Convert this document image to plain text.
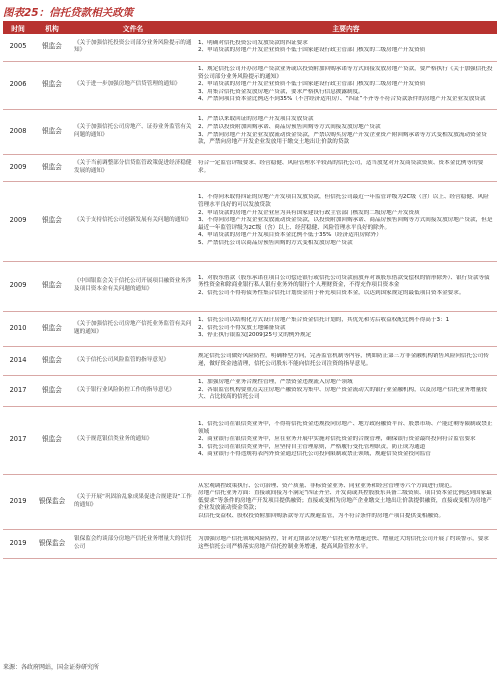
图表25：信托贷款相关政策
时间	机构	文件名	主要内容
2005	银监会	《关于加强信托投资公司部分业务风险提示的通知》	1、明确对信托投资公司发放贷款的四证要求
2、申请贷款的房地产开发企业资质不低于国家建设行政主管部门核发的二级房地产开发资质

2006	银监会	《关于进一步加强房地产信贷管理的通知》	1、规定信托公司开办房地产贷款业务或以投资附加回购承诺等方式间接发放房地产贷款，要严格执行《关于加强信托投资公司部分业务风险提示的通知》
2、申请贷款的房地产开发企业资质不低于国家建设行政主管部门核发的二级房地产开发资质
3、用集合信托资金发放房地产贷款，要求严格执行信息披露制度。
4、严禁向项目资本金比例达不到35%（不含经济适用房）、“四证”不齐等不符合贷款条件的房地产开发企业发放贷款

2008	银监会	《关于加强信托公司房地产、证券业务监管有关问题的通知》	1、严禁以来取回证的房地产开发项目发放贷款
2、严禁以投资附加回购承诺、商品房预售回购等方式间接发放房地产贷款
3、严禁向房地产开发企业发放流动资金贷款，严禁以购买房地产开发企业资产附回购承诺等方式变相发放流动资金贷款，严禁向房地产开发企业发放用于缴交土地出让价款的贷款

2009	银监会	《关于当前调整部分信贷监管政策促进经济稳健发展的通知》	符合一定监管评级要求、经营稳健、风险管理水平较高的信托公司，适当放宽对开发商贷款资质、资本金比例等的要求。

2009	银监会	《关于支持信托公司创新发展有关问题的通知》	1、不得向未取得四证的房地产开发项目发放贷款，但信托公司最近一年监管评级为2C级（含）以上、经营稳健、风险管理水平良好的可以发放贷款
2、申请贷款的房地产开发企业应为具有国家建设行政主管部门核发的二级房地产开发资质
3、不得向房地产开发企业发放流动资金贷款，以投资附加回购承诺、商品房预售回购等方式间接发放房地产贷款，但是最近一年监管评级为2C级（含）以上、经营稳健、风险管理水平良好的除外。
4、申请贷款的房地产开发项目资本金比例不低于35%（经济适用房除外）
5、严禁信托公司以商品房预售回购的方式变相发放房地产贷款

2009	银监会	《中国银监会关于信托公司开展项目融资业务涉及项目资本金有关问题的通知》	1、对股东借款（股东承诺在项目公司偿还银行或信托公司贷款前放弃对该股东借款受偿权的情形除外）、银行贷款等债务性资金和除商业银行私人银行业务外的银行个人理财资金，不得充作项目资本金
2、信托公司不得将债务性集合信托计划资金用于补充项目资本金，以达到国家规定的最低项目资本金要求。

2010	银监会	《关于加强信托公司房地产信托业务监管有关问题的通知》	1、信托公司以结构化方式设计房地产集合资金信托计划的，其优先和劣后收益权配比例不得高于3：1
2、信托公司不得发放土地储备贷款
3、停止执行银监发[2009]25号文的例外规定

2014	银监会	《关于信托公司风险监管的指导意见》	规定信托公司做好风险防控，明确释型方向，完善监管机制等内容，例如防止第三方非金融机构销售风险向信托公司传递，做好资金池清理，信托公司股东不能向信托公司注资的指导意见。

2017	银监会	《关于银行业风险防控工作的指导意见》	1、加强房地产业务合规性管理，严禁资金违规流入房地产领域
2、各银监管机构要重点关注房地产融资较为集中、房地产资金流动大的银行业金融机构，以及房地产信托业务增量较大、占比较高的信托公司

2017	银监会	《关于规范银信类业务的通知》	1、信托公司在银信类业务中，不得将信托资金违规投向房地产、地方政府融资平台、股票市场、产能过剩等限制或禁止领域
2、商业银行在银信类业务中，应在业务开展中实施对信托资金的合规管理，确保银行资金最终投向符合监管要求
3、信托公司在银信类业务中，应坚持自主管理原则，严格履行受托管理职责，防止成为通道
4、商业银行不得违规将表内外资金通过信托公司投向限制或禁止领域，规避信贷资金投向监管

2019	银保监会	《关于开展“巩固治乱象成果促进合规建设”工作的通知》	从宏观调控政策执行、公司治理、资产质量、非标资金业务、同业业务和经营管理等六个方面进行规范。
房地产信托业务方面：直接或间接为不满足“四证齐全、开发商或其控股股东具备二级资质、项目资本金比例达到国家最低要求”等条件的房地产开发项目提供融资；直接或变相为房地产企业缴交土地出让价款提供融资，直接或变相为房地产企业发放流动资金贷款；
以信托受益权、股权投资附加回购条款等方式规避监管，为不符合条件的房地产项目提供变相融资。

2019	银保监会	银保监会约谈部分房地产信托业务增量大的信托公司	为加强房地产信托领域风险防控，针对近期部分房地产信托业务增速过快、增量过大的信托公司开展了约谈警示，要求这些信托公司严格落实房地产信托控制业务增速，提高风险管控水平。
来源：各政府网站，国金证券研究所
